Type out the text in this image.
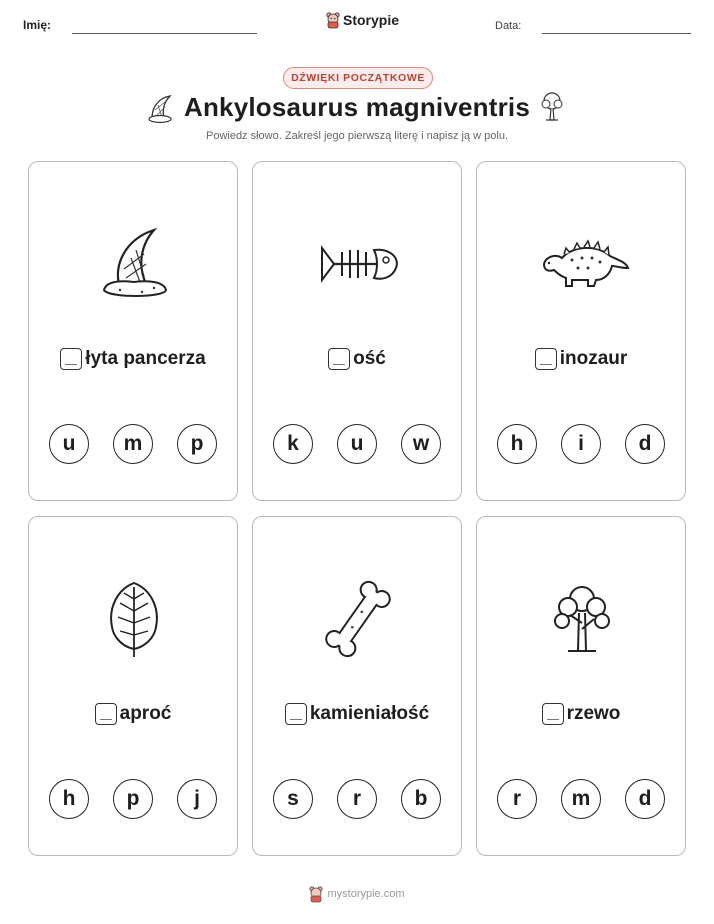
Imię:	Storypie	Data:
DŹWIĘKI POCZĄTKOWE
Ankylosaurus magniventris
Powiedz słowo. Zakreśl jego pierwszą literę i napisz ją w polu.
łyta pancerza
u	m	p
ość
k	u	w
inozaur
h	i	d
aproć
h	p	j
kamieniałość
s	r	b
rzewo
r	m	d
mystorypie.com
